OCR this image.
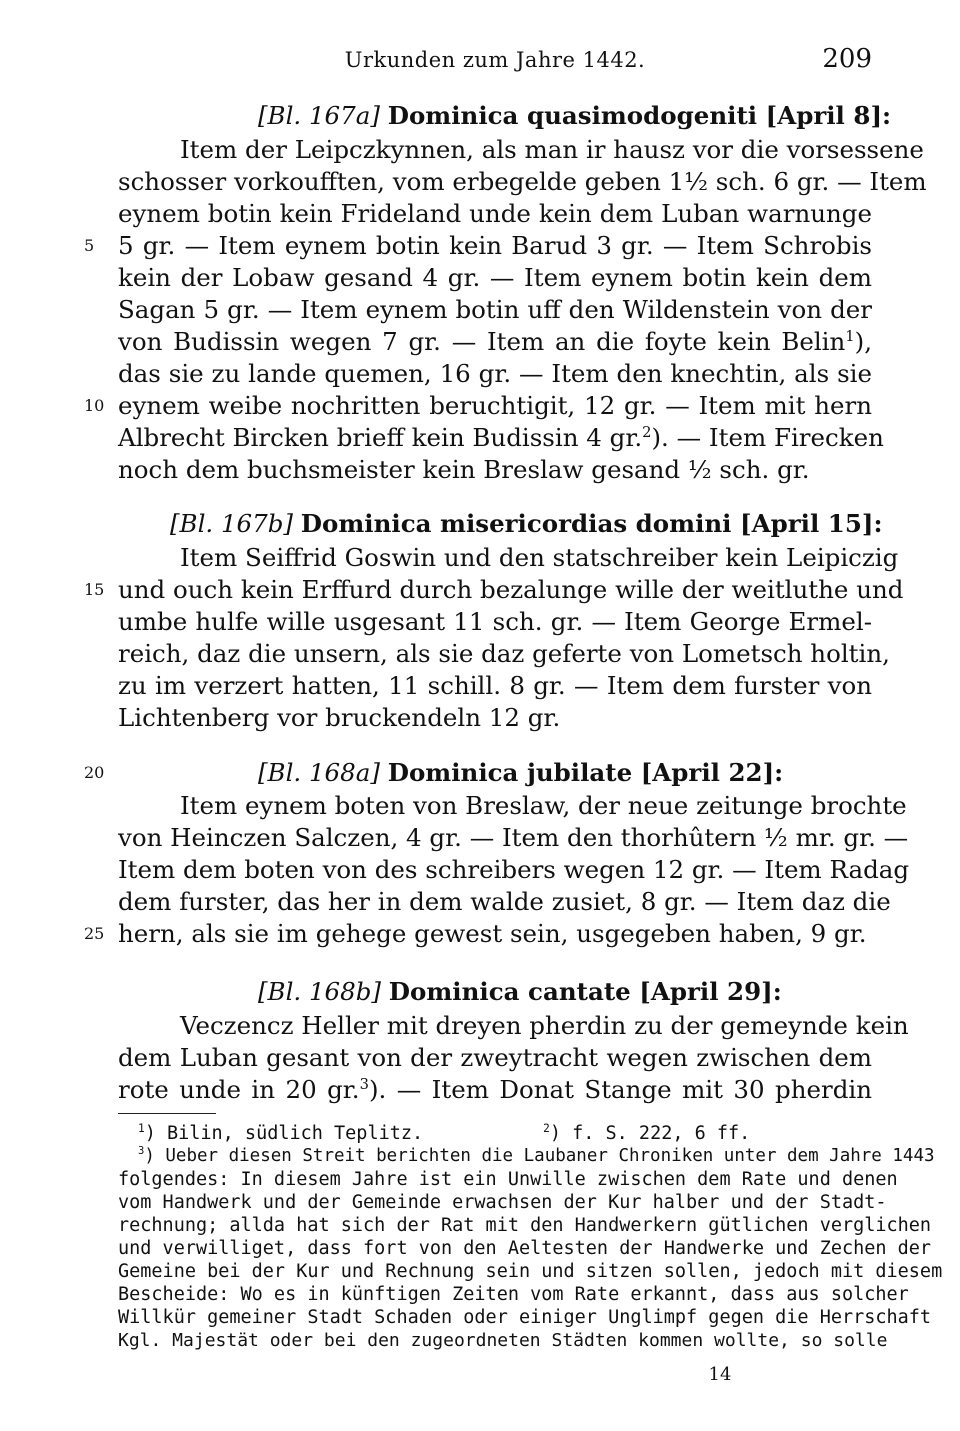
Urkunden zum Jahre 1442.	209
[Bl. 167a] Dominica quasimodogeniti [April 8]:
Item der Leipczkynnen, als man ir hausz vor die vorsessene
schosser vorkoufften, vom erbegelde geben 1½ sch. 6 gr. — Item
eynem botin kein Frideland unde kein dem Luban warnunge
5 5 gr. — Item eynem botin kein Barud 3 gr. — Item Schrobis
kein der Lobaw gesand 4 gr. — Item eynem botin kein dem
Sagan 5 gr. — Item eynem botin uff den Wildenstein von der
von Budissin wegen 7 gr. — Item an die foyte kein Belin$^1$),
das sie zu lande quemen, 16 gr. — Item den knechtin, als sie
10 eynem weibe nochritten beruchtigit, 12 gr. — Item mit hern
Albrecht Bircken brieff kein Budissin 4 gr.$^2$). — Item Firecken
noch dem buchsmeister kein Breslaw gesand ½ sch. gr.
[Bl. 167b] Dominica misericordias domini [April 15]:
Item Seiffrid Goswin und den statschreiber kein Leipiczig
15 und ouch kein Erffurd durch bezalunge wille der weitluthe und
umbe hulfe wille usgesant 11 sch. gr. — Item George Ermel-
reich, daz die unsern, als sie daz geferte von Lometsch holtin,
zu im verzert hatten, 11 schill. 8 gr. — Item dem furster von
Lichtenberg vor bruckendeln 12 gr.
20	[Bl. 168a] Dominica jubilate [April 22]:
Item eynem boten von Breslaw, der neue zeitunge brochte
von Heinczen Salczen, 4 gr. — Item den thorhûtern ½ mr. gr. —
Item dem boten von des schreibers wegen 12 gr. — Item Radag
dem furster, das her in dem walde zusiet, 8 gr. — Item daz die
25 hern, als sie im gehege gewest sein, usgegeben haben, 9 gr.
[Bl. 168b] Dominica cantate [April 29]:
Veczencz Heller mit dreyen pherdin zu der gemeynde kein
dem Luban gesant von der zweytracht wegen zwischen dem
rote unde in 20 gr.$^3$). — Item Donat Stange mit 30 pherdin
$^1$) Bilin, südlich Teplitz.	$^2$) f. S. 222, 6 ff.
$^3$) Ueber diesen Streit berichten die Laubaner Chroniken unter dem Jahre 1443
folgendes: In diesem Jahre ist ein Unwille zwischen dem Rate und denen
vom Handwerk und der Gemeinde erwachsen der Kur halber und der Stadt-
rechnung; allda hat sich der Rat mit den Handwerkern gütlichen verglichen
und verwilliget, dass fort von den Aeltesten der Handwerke und Zechen der
Gemeine bei der Kur und Rechnung sein und sitzen sollen, jedoch mit diesem
Bescheide: Wo es in künftigen Zeiten vom Rate erkannt, dass aus solcher
Willkür gemeiner Stadt Schaden oder einiger Unglimpf gegen die Herrschaft
Kgl. Majestät oder bei den zugeordneten Städten kommen wollte, so solle
14
